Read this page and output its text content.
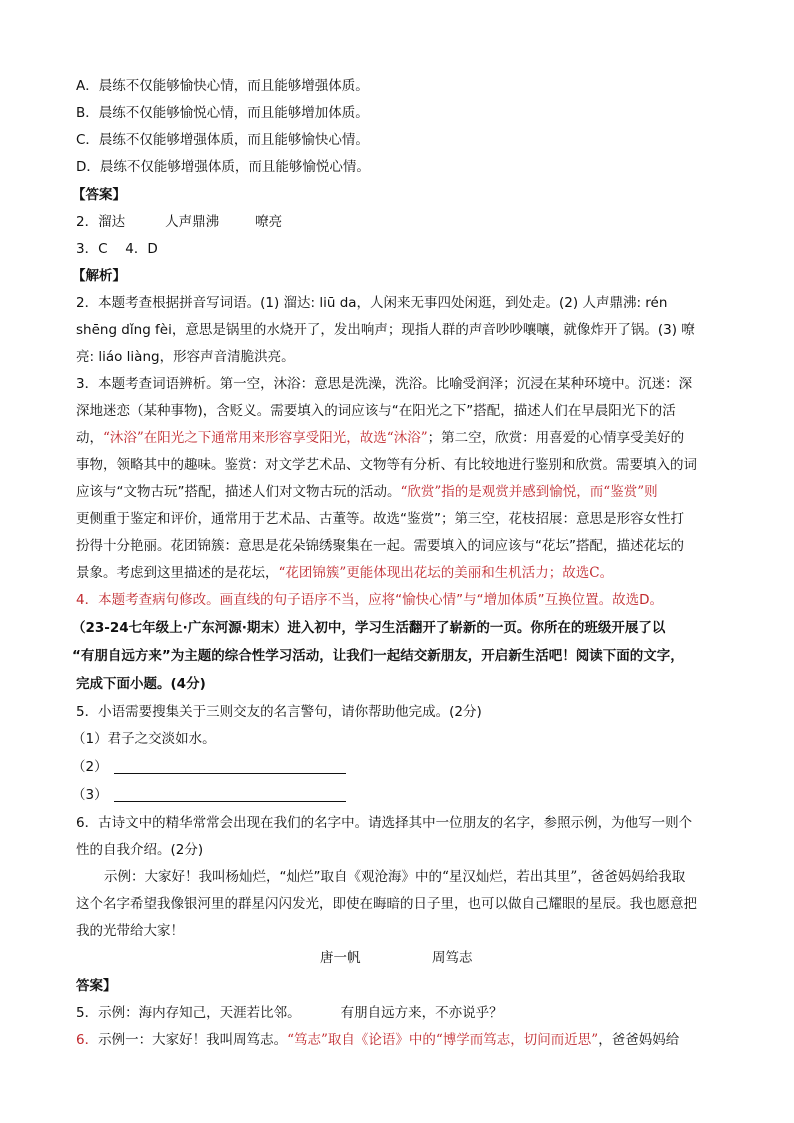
A．晨练不仅能够愉快心情，而且能够增强体质。
B．晨练不仅能够愉悦心情，而且能够增加体质。
C．晨练不仅能够增强体质，而且能够愉快心情。
D．晨练不仅能够增强体质，而且能够愉悦心情。
【答案】
2．溜达	人声鼎沸	嘹亮
3．C　 4．D
【解析】
2．本题考查根据拼音写词语。(1) 溜达: liū da，人闲来无事四处闲逛，到处走。(2) 人声鼎沸: rén
shēng dǐng fèi，意思是锅里的水烧开了，发出响声；现指人群的声音吵吵嚷嚷，就像炸开了锅。(3) 嘹
亮: liáo liàng，形容声音清脆洪亮。
3．本题考查词语辨析。第一空，沐浴：意思是洗澡，洗浴。比喻受润泽；沉浸在某种环境中。沉迷：深
深地迷恋（某种事物)，含贬义。需要填入的词应该与“在阳光之下”搭配，描述人们在早晨阳光下的活
动，“沐浴”在阳光之下通常用来形容享受阳光，故选“沐浴”；第二空，欣赏：用喜爱的心情享受美好的
事物，领略其中的趣味。鉴赏：对文学艺术品、文物等有分析、有比较地进行鉴别和欣赏。需要填入的词
应该与“文物古玩”搭配，描述人们对文物古玩的活动。“欣赏”指的是观赏并感到愉悦，而“鉴赏”则
更侧重于鉴定和评价，通常用于艺术品、古董等。故选“鉴赏”；第三空，花枝招展：意思是形容女性打
扮得十分艳丽。花团锦簇：意思是花朵锦绣聚集在一起。需要填入的词应该与“花坛”搭配，描述花坛的
景象。考虑到这里描述的是花坛，“花团锦簇”更能体现出花坛的美丽和生机活力；故选C。
4．本题考查病句修改。画直线的句子语序不当，应将“愉快心情”与“增加体质”互换位置。故选D。
（23-24七年级上·广东河源·期末）进入初中，学习生活翻开了崭新的一页。你所在的班级开展了以
“有朋自远方来”为主题的综合性学习活动，让我们一起结交新朋友，开启新生活吧！阅读下面的文字，
完成下面小题。(4分)
5．小语需要搜集关于三则交友的名言警句，请你帮助他完成。(2分)
（1）君子之交淡如水。
（2）
（3）
6．古诗文中的精华常常会出现在我们的名字中。请选择其中一位朋友的名字，参照示例，为他写一则个
性的自我介绍。(2分)
示例：大家好！我叫杨灿烂，“灿烂”取自《观沧海》中的“星汉灿烂，若出其里”，爸爸妈妈给我取
这个名字希望我像银河里的群星闪闪发光，即使在晦暗的日子里，也可以做自己耀眼的星辰。我也愿意把
我的光带给大家！
唐一帆	周笃志
答案】
5．示例：海内存知己，天涯若比邻。	有朋自远方来，不亦说乎？
6．示例一：大家好！我叫周笃志。“笃志”取自《论语》中的“博学而笃志，切问而近思”，爸爸妈妈给
